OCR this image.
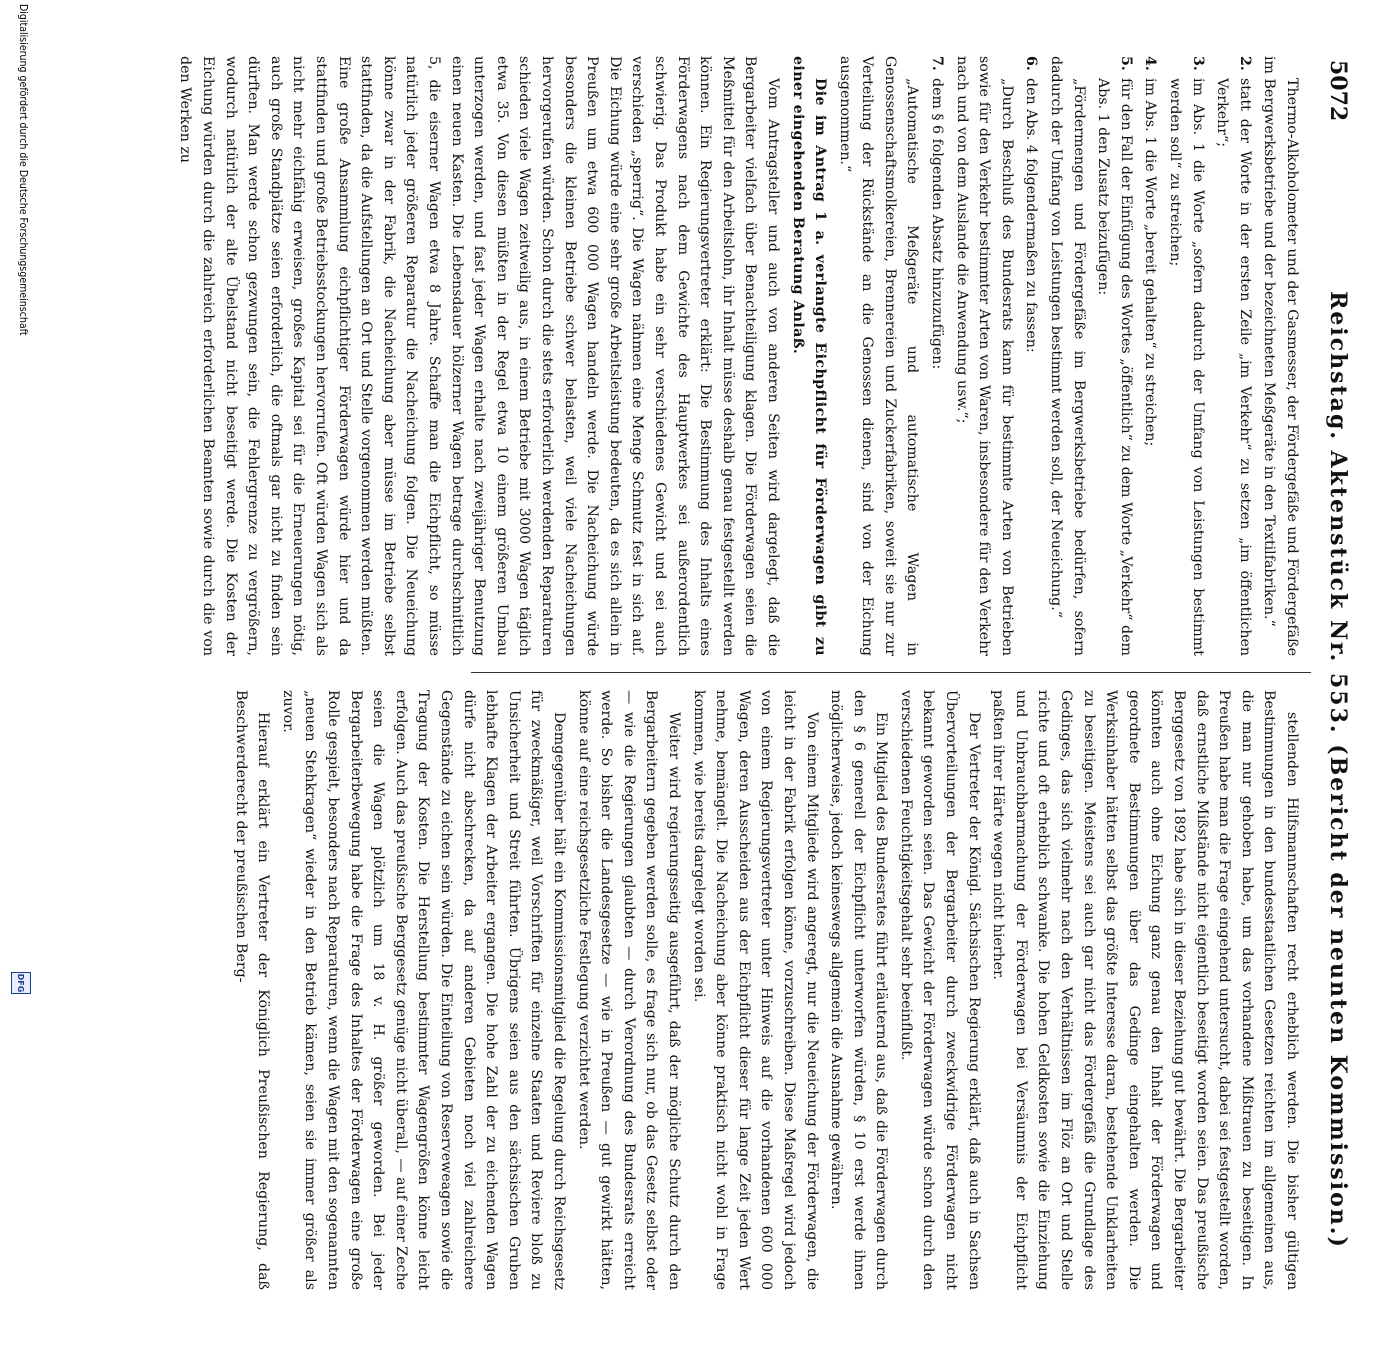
5072
Reichstag. Aktenstück Nr. 553. (Bericht der neunten Kommission.)

Thermo-Alkoholometer und der Gasmesser, der Fördergefäße und Fördergefäße im Bergwerksbetriebe und der bezeichneten Meßgeräte in den Textilfabriken.“

2.
statt der Worte in der ersten Zeile „im Verkehr“ zu setzen „im öffentlichen Verkehr“;

3.
im Abs. 1 die Worte „sofern dadurch der Umfang von Leistungen bestimmt werden soll“ zu streichen;

4.
im Abs. 1 die Worte „bereit gehalten“ zu streichen;

5.
für den Fall der Einfügung des Wortes „öffentlich“ zu dem Worte „Verkehr“ dem Abs. 1 den Zusatz beizufügen:

„Fördermengen und Fördergefäße im Bergwerksbetriebe bedürfen, sofern dadurch der Umfang von Leistungen bestimmt werden soll, der Neueichung.“

6.
den Abs. 4 folgendermaßen zu fassen:

„Durch Beschluß des Bundesrats kann für bestimmte Arten von Betrieben sowie für den Verkehr bestimmter Arten von Waren, insbesondere für den Verkehr nach und von dem Auslande die Anwendung usw.“;

7.
dem § 6 folgenden Absatz hinzuzufügen:

„Automatische Meßgeräte und automatische Wagen in Genossenschaftsmolkereien, Brennereien und Zuckerfabriken, soweit sie nur zur Verteilung der Rückstände an die Genossen dienen, sind von der Eichung ausgenommen.“

Die im Antrag 1 a. verlangte Eichpflicht für Förderwagen gibt zu einer eingehenden Beratung Anlaß.

Vom Antragsteller und auch von anderen Seiten wird dargelegt, daß die Bergarbeiter vielfach über Benachteiligung klagen. Die Förderwagen seien die Meßmittel für den Arbeitslohn, ihr Inhalt müsse deshalb genau festgestellt werden können. Ein Regierungsvertreter erklärt: Die Bestimmung des Inhalts eines Förderwagens nach dem Gewichte des Hauptwerkes sei außerordentlich schwierig. Das Produkt habe ein sehr verschiedenes Gewicht und sei auch verschieden „sperrig“. Die Wagen nähmen eine Menge Schmutz fest in sich auf. Die Eichung würde eine sehr große Arbeitsleistung bedeuten, da es sich allein in Preußen um etwa 600 000 Wagen handeln werde. Die Nacheichung würde besonders die kleinen Betriebe schwer belasten, weil viele Nacheichungen hervorgerufen würden. Schon durch die stets erforderlich werdenden Reparaturen schieden viele Wagen zeitweilig aus, in einem Betriebe mit 3000 Wagen täglich etwa 35. Von diesen müßten in der Regel etwa 10 einem größeren Umbau unterzogen werden, und fast jeder Wagen erhalte nach zweijähriger Benutzung einen neuen Kasten. Die Lebensdauer hölzerner Wagen betrage durchschnittlich 5, die eiserner Wagen etwa 8 Jahre. Schaffe man die Eichpflicht, so müsse natürlich jeder größeren Reparatur die Nacheichung folgen. Die Neueichung könne zwar in der Fabrik, die Nacheichung aber müsse im Betriebe selbst stattfinden, da die Aufstellungen an Ort und Stelle vorgenommen werden müßten. Eine große Ansammlung eichpflichtiger Förderwagen würde hier und da stattfinden und große Betriebsstockungen hervorrufen. Oft würden Wagen sich als nicht mehr eichfähig erweisen, großes Kapital sei für die Erneuerungen nötig, auch große Standplätze seien erforderlich, die oftmals gar nicht zu finden sein dürften. Man werde schon gezwungen sein, die Fehlergrenze zu vergrößern, wodurch natürlich der alte Übelstand nicht beseitigt werde. Die Kosten der Eichung würden durch die zahlreich erforderlichen Beamten sowie durch die von den Werken zu

stellenden Hilfsmannschaften recht erheblich werden. Die bisher gültigen Bestimmungen in den bundesstaatlichen Gesetzen reichten im allgemeinen aus, die man nur gehoben habe, um das vorhandene Mißtrauen zu beseitigen. In Preußen habe man die Frage eingehend untersucht, dabei sei festgestellt worden, daß ernstliche Mißstände nicht eigentlich beseitigt worden seien. Das preußische Berggesetz von 1892 habe sich in dieser Beziehung gut bewährt. Die Bergarbeiter könnten auch ohne Eichung ganz genau den Inhalt der Förderwagen und geordnete Bestimmungen über das Gedinge eingehalten werden. Die Werksinhaber hätten selbst das größte Interesse daran, bestehende Unklarheiten zu beseitigen. Meistens sei auch gar nicht das Fördergefäß die Grundlage des Gedinges, das sich vielmehr nach den Verhältnissen im Flöz an Ort und Stelle richte und oft erheblich schwanke. Die hohen Geldkosten sowie die Einziehung und Unbrauchbarmachung der Förderwagen bei Versäumnis der Eichpflicht paßten ihrer Härte wegen nicht hierher.

Der Vertreter der Königl. Sächsischen Regierung erklärt, daß auch in Sachsen Übervorteilungen der Bergarbeiter durch zweckwidrige Förderwagen nicht bekannt geworden seien. Das Gewicht der Förderwagen würde schon durch den verschiedenen Feuchtigkeitsgehalt sehr beeinflußt.

Ein Mitglied des Bundesrates führt erläuternd aus, daß die Förderwagen durch den § 6 generell der Eichpflicht unterworfen würden, § 10 erst werde ihnen möglicherweise, jedoch keineswegs allgemein die Ausnahme gewähren.

Von einem Mitgliede wird angeregt, nur die Neueichung der Förderwagen, die leicht in der Fabrik erfolgen könne, vorzuschreiben. Diese Maßregel wird jedoch von einem Regierungsvertreter unter Hinweis auf die vorhandenen 600 000 Wagen, deren Ausscheiden aus der Eichpflicht dieser für lange Zeit jeden Wert nehme, bemängelt. Die Nacheichung aber könne praktisch nicht wohl in Frage kommen, wie bereits dargelegt worden sei.

Weiter wird regierungsseitig ausgeführt, daß der mögliche Schutz durch den Bergarbeitern gegeben werden solle, es frage sich nur, ob das Gesetz selbst oder — wie die Regierungen glaubten — durch Verordnung des Bundesrats erreicht werde. So bisher die Landesgesetze — wie in Preußen — gut gewirkt hätten, könne auf eine reichsgesetzliche Festlegung verzichtet werden.

Demgegenüber hält ein Kommissionsmitglied die Regelung durch Reichsgesetz für zweckmäßiger, weil Vorschriften für einzelne Staaten und Reviere bloß zu Unsicherheit und Streit führten. Übrigens seien aus den sächsischen Gruben lebhafte Klagen der Arbeiter ergangen. Die hohe Zahl der zu eichenden Wagen dürfe nicht abschrecken, da auf anderen Gebieten noch viel zahlreichere Gegenstände zu eichen sein würden. Die Einteilung von Reserveweagen sowie die Tragung der Kosten. Die Herstellung bestimmter Wagengrößen könne leicht erfolgen. Auch das preußische Berggesetz genüge nicht überall, — auf einer Zeche seien die Wagen plötzlich um 18 v. H. größer geworden. Bei jeder Bergarbeiterbewegung habe die Frage des Inhaltes der Förderwagen eine große Rolle gespielt, besonders nach Reparaturen, wenn die Wagen mit den sogenannten „neuen Stehkragen“ wieder in den Betrieb kämen, seien sie immer größer als zuvor.

Hierauf erklärt ein Vertreter der Königlich Preußischen Regierung, daß Beschwerderecht der preußischen Berg-

Digitalisierung gefördert durch die Deutsche Forschungsgemeinschaft
DFG
